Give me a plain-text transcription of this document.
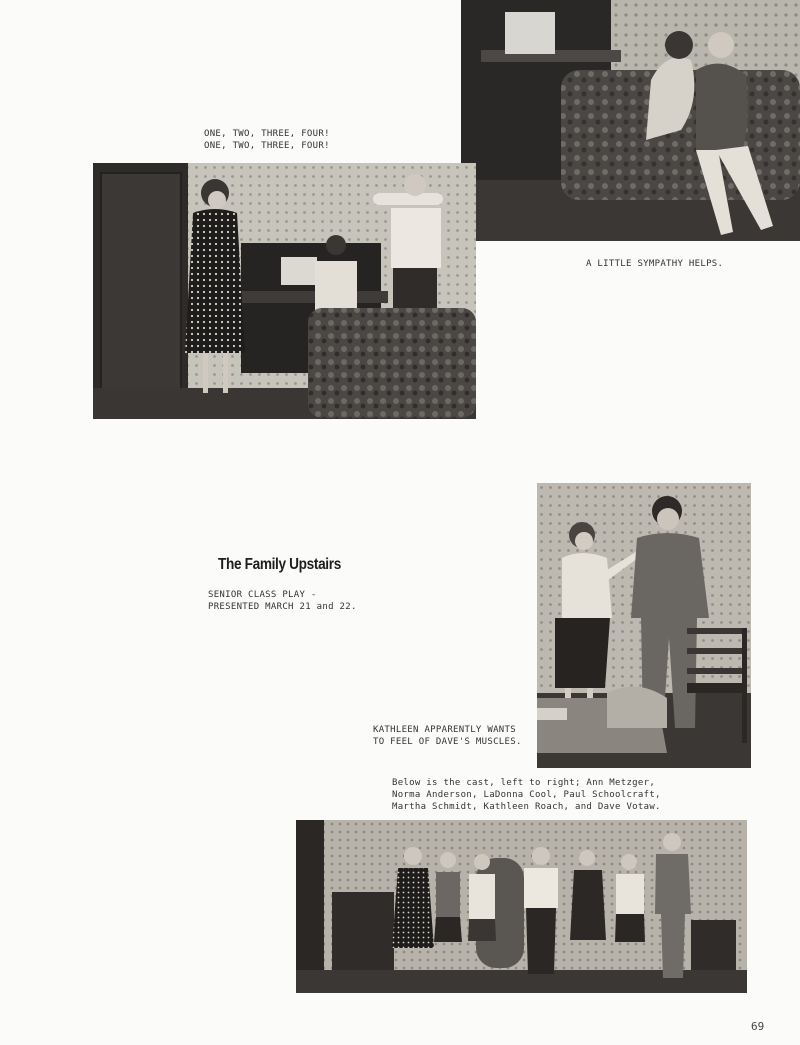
ONE, TWO, THREE, FOUR!
ONE, TWO, THREE, FOUR!
A LITTLE SYMPATHY HELPS.
The Family Upstairs
SENIOR CLASS PLAY -
PRESENTED MARCH 21 and 22.
KATHLEEN APPARENTLY WANTS
TO FEEL OF DAVE'S MUSCLES.
Below is the cast, left to right; Ann Metzger,
Norma Anderson, LaDonna Cool, Paul Schoolcraft,
Martha Schmidt, Kathleen Roach, and Dave Votaw.
69
